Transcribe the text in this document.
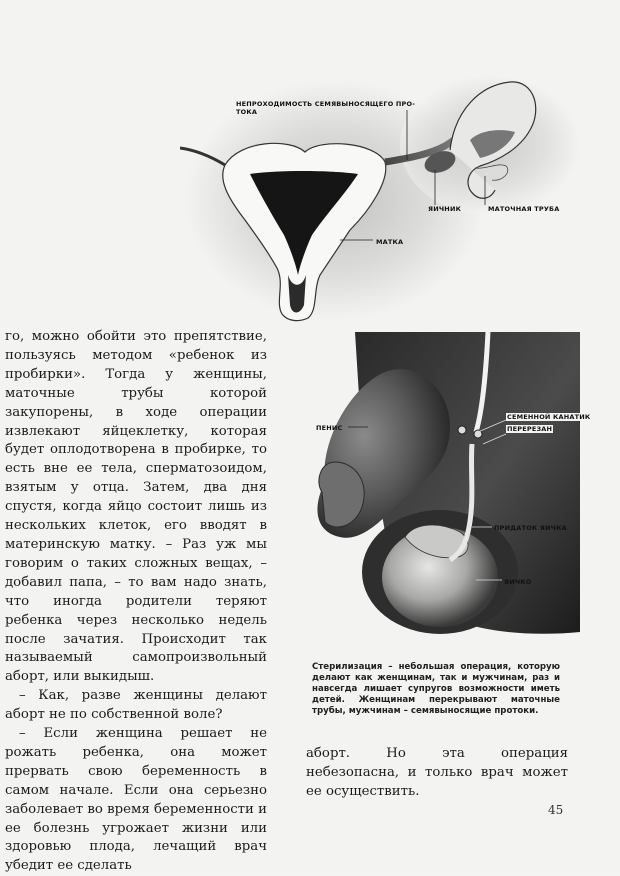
НЕПРОХОДИМОСТЬ СЕМЯВЫНОСЯЩЕГО ПРО-
ТОКА
ЯИЧНИК	МАТОЧНАЯ ТРУБА
МАТКА
СЕМЕННОЙ КАНАТИК
ПЕРЕРЕЗАН
ПЕНИС
ПРИДАТОК ЯИЧКА
ЯИЧКО

го, можно обойти это препятствие, пользуясь методом «ребенок из пробирки». Тогда у женщины, маточные трубы которой закупорены, в ходе операции извлекают яйцеклетку, которая будет оплодотворена в пробирке, то есть вне ее тела, сперматозоидом, взятым у отца. Затем, два дня спустя, когда яйцо состоит лишь из нескольких клеток, его вводят в материнскую матку. – Раз уж мы говорим о таких сложных вещах, – добавил папа, – то вам надо знать, что иногда родители теряют ребенка через несколько недель после зачатия. Происходит так называемый самопроизвольный аборт, или выкидыш.

– Как, разве женщины делают аборт не по собственной воле?

– Если женщина решает не рожать ребенка, она может прервать свою беременность в самом начале. Если она серьезно заболевает во время беременности и ее болезнь угрожает жизни или здоровью плода, лечащий врач убедит ее сделать

Стерилизация – небольшая операция, которую делают как женщинам, так и мужчинам, раз и навсегда лишает супругов возможности иметь детей. Женщинам перекрывают маточные трубы, мужчинам – семявыносящие протоки.
аборт. Но эта операция небезопасна, и только врач может ее осуществить.
45
